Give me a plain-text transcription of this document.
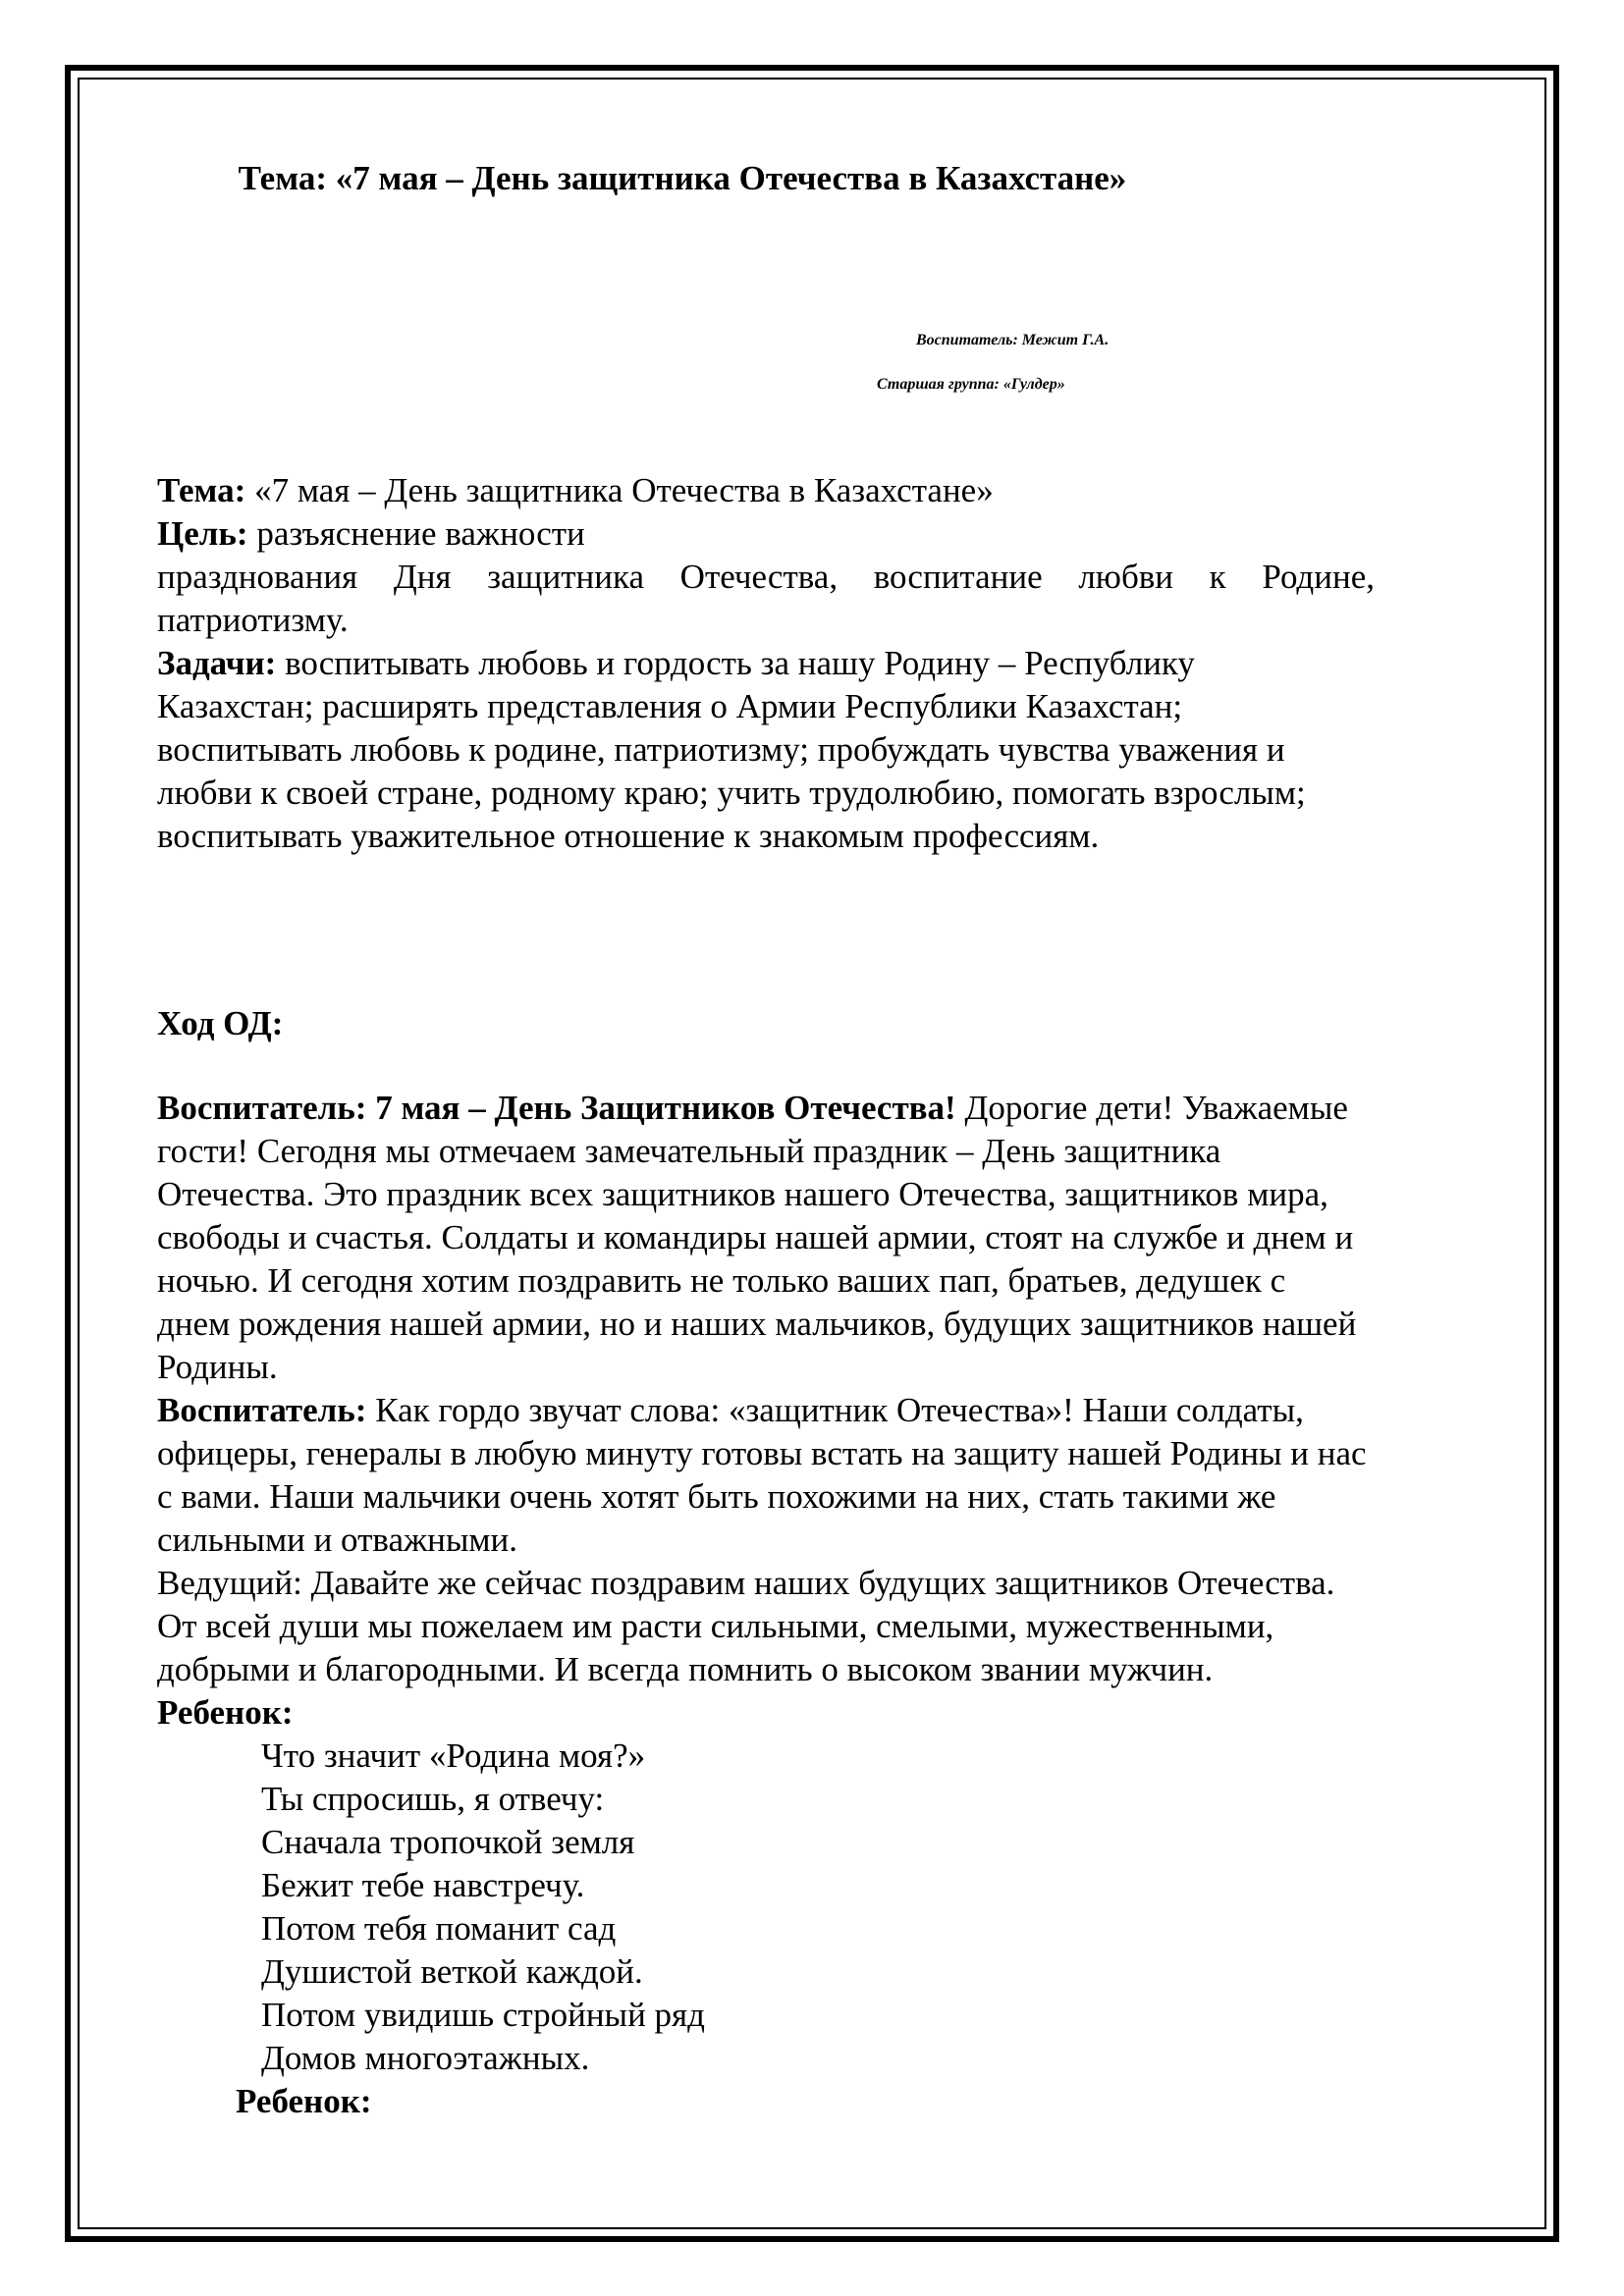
Тема: «7 мая – День защитника Отечества в Казахстане»
Воспитатель: Межит Г.А.
Старшая группа: «Гулдер»

Тема: «7 мая – День защитника Отечества в Казахстане»

Цель: разъяснение важности

празднования Дня защитника Отечества, воспитание любви к Родине,

патриотизму.

Задачи: воспитывать любовь и гордость за нашу Родину – Республику

Казахстан; расширять представления о Армии Республики Казахстан;

воспитывать любовь к родине, патриотизму; пробуждать чувства уважения и

любви к своей стране, родному краю; учить трудолюбию, помогать взрослым;

воспитывать уважительное отношение к знакомым профессиям.

Ход ОД:

Воспитатель: 7 мая – День Защитников Отечества! Дорогие дети! Уважаемые

гости! Сегодня мы отмечаем замечательный праздник – День защитника

Отечества. Это праздник всех защитников нашего Отечества, защитников мира,

свободы и счастья. Солдаты и командиры нашей армии, стоят на службе и днем и

ночью. И сегодня хотим поздравить не только ваших пап, братьев, дедушек с

днем рождения нашей армии, но и наших мальчиков, будущих защитников нашей

Родины.

Воспитатель: Как гордо звучат слова: «защитник Отечества»! Наши солдаты,

офицеры, генералы в любую минуту готовы встать на защиту нашей Родины и нас

с вами. Наши мальчики очень хотят быть похожими на них, стать такими же

сильными и отважными.

Ведущий: Давайте же сейчас поздравим наших будущих защитников Отечества.

От всей души мы пожелаем им расти сильными, смелыми, мужественными,

добрыми и благородными. И всегда помнить о высоком звании мужчин.

Ребенок:

Что значит «Родина моя?»

Ты спросишь, я отвечу:

Сначала тропочкой земля

Бежит тебе навстречу.

Потом тебя поманит сад

Душистой веткой каждой.

Потом увидишь стройный ряд

Домов многоэтажных.

Ребенок:
